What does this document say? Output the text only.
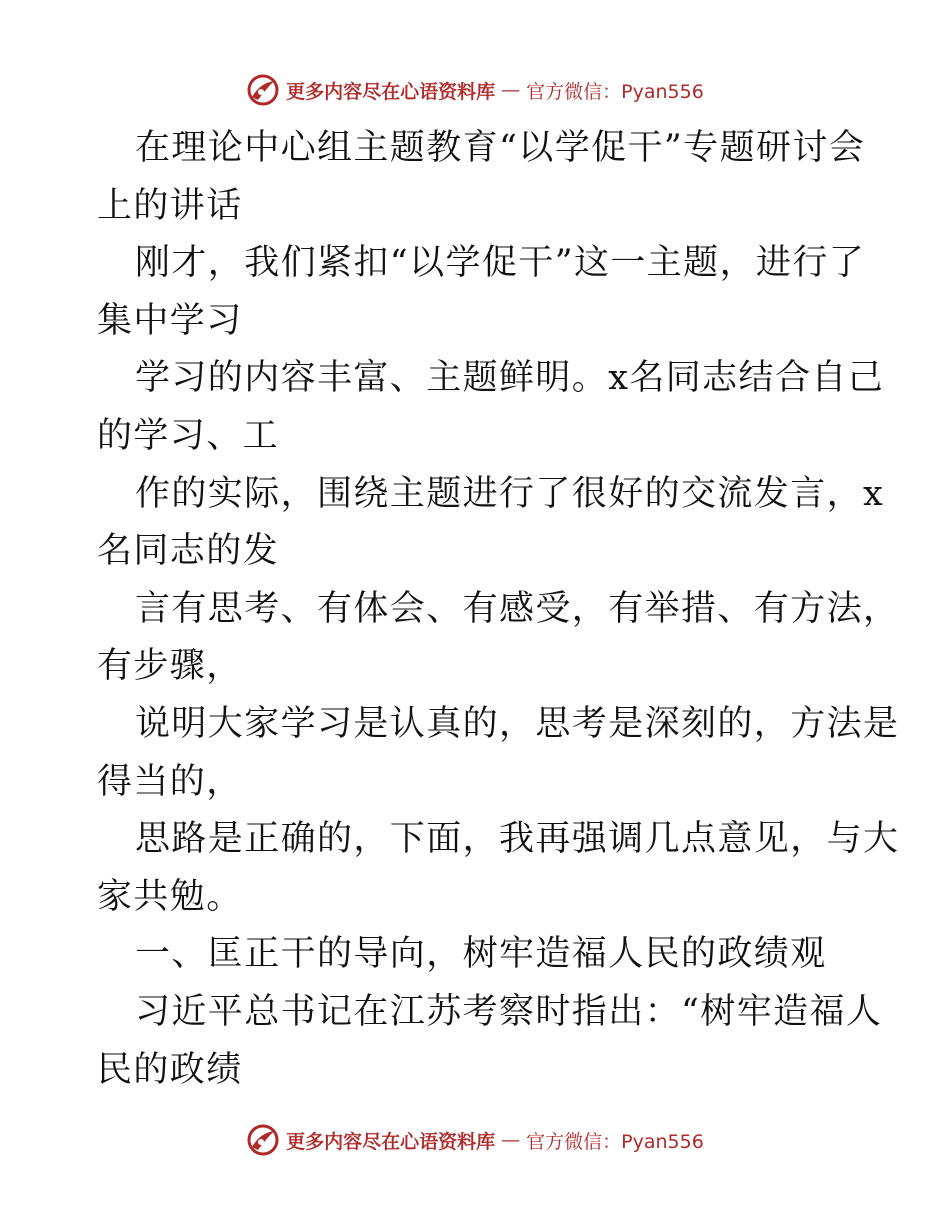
更多内容尽在心语资料库 — 官方微信：Pyan556
在理论中心组主题教育“以学促干”专题研讨会
上的讲话
刚才，我们紧扣“以学促干”这一主题，进行了
集中学习
学习的内容丰富、主题鲜明。x名同志结合自己
的学习、工
作的实际，围绕主题进行了很好的交流发言，x
名同志的发
言有思考、有体会、有感受，有举措、有方法，
有步骤，
说明大家学习是认真的，思考是深刻的，方法是
得当的，
思路是正确的，下面，我再强调几点意见，与大
家共勉。
一、匡正干的导向，树牢造福人民的政绩观
习近平总书记在江苏考察时指出：“树牢造福人
民的政绩
更多内容尽在心语资料库 — 官方微信：Pyan556
